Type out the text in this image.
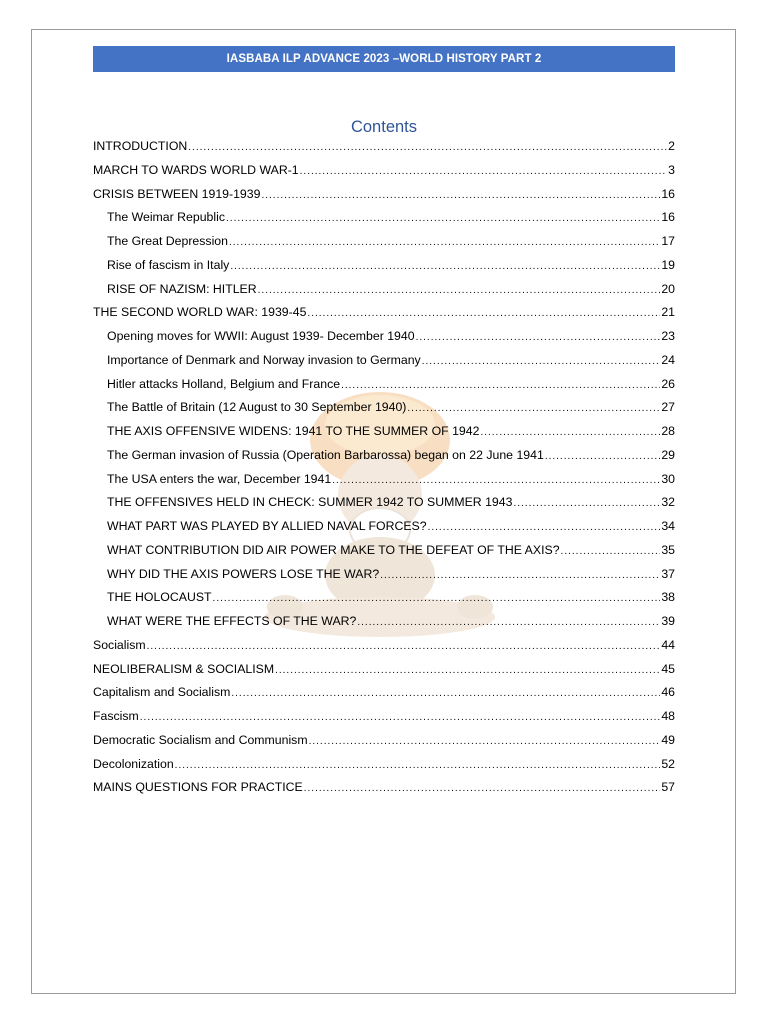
IASBABA ILP ADVANCE 2023 –WORLD HISTORY PART 2
Contents
INTRODUCTION .....	2
MARCH TO WARDS WORLD WAR-1 .....	3
CRISIS BETWEEN 1919-1939 .....	16
The Weimar Republic .....	16
The Great Depression .....	17
Rise of fascism in Italy .....	19
RISE OF NAZISM: HITLER .....	20
THE SECOND WORLD WAR: 1939-45 .....	21
Opening moves for WWII: August 1939- December 1940 .....	23
Importance of Denmark and Norway invasion to Germany .....	24
Hitler attacks Holland, Belgium and France .....	26
The Battle of Britain (12 August to 30 September 1940) .....	27
THE AXIS OFFENSIVE WIDENS: 1941 TO THE SUMMER OF 1942 .....	28
The German invasion of Russia (Operation Barbarossa) began on 22 June 1941 .....	29
The USA enters the war, December 1941 .....	30
THE OFFENSIVES HELD IN CHECK: SUMMER 1942 TO SUMMER 1943 .....	32
WHAT PART WAS PLAYED BY ALLIED NAVAL FORCES? .....	34
WHAT CONTRIBUTION DID AIR POWER MAKE TO THE DEFEAT OF THE AXIS? .....	35
WHY DID THE AXIS POWERS LOSE THE WAR? .....	37
THE HOLOCAUST .....	38
WHAT WERE THE EFFECTS OF THE WAR? .....	39
Socialism .....	44
NEOLIBERALISM & SOCIALISM .....	45
Capitalism and Socialism .....	46
Fascism .....	48
Democratic Socialism and Communism .....	49
Decolonization .....	52
MAINS QUESTIONS FOR PRACTICE .....	57
